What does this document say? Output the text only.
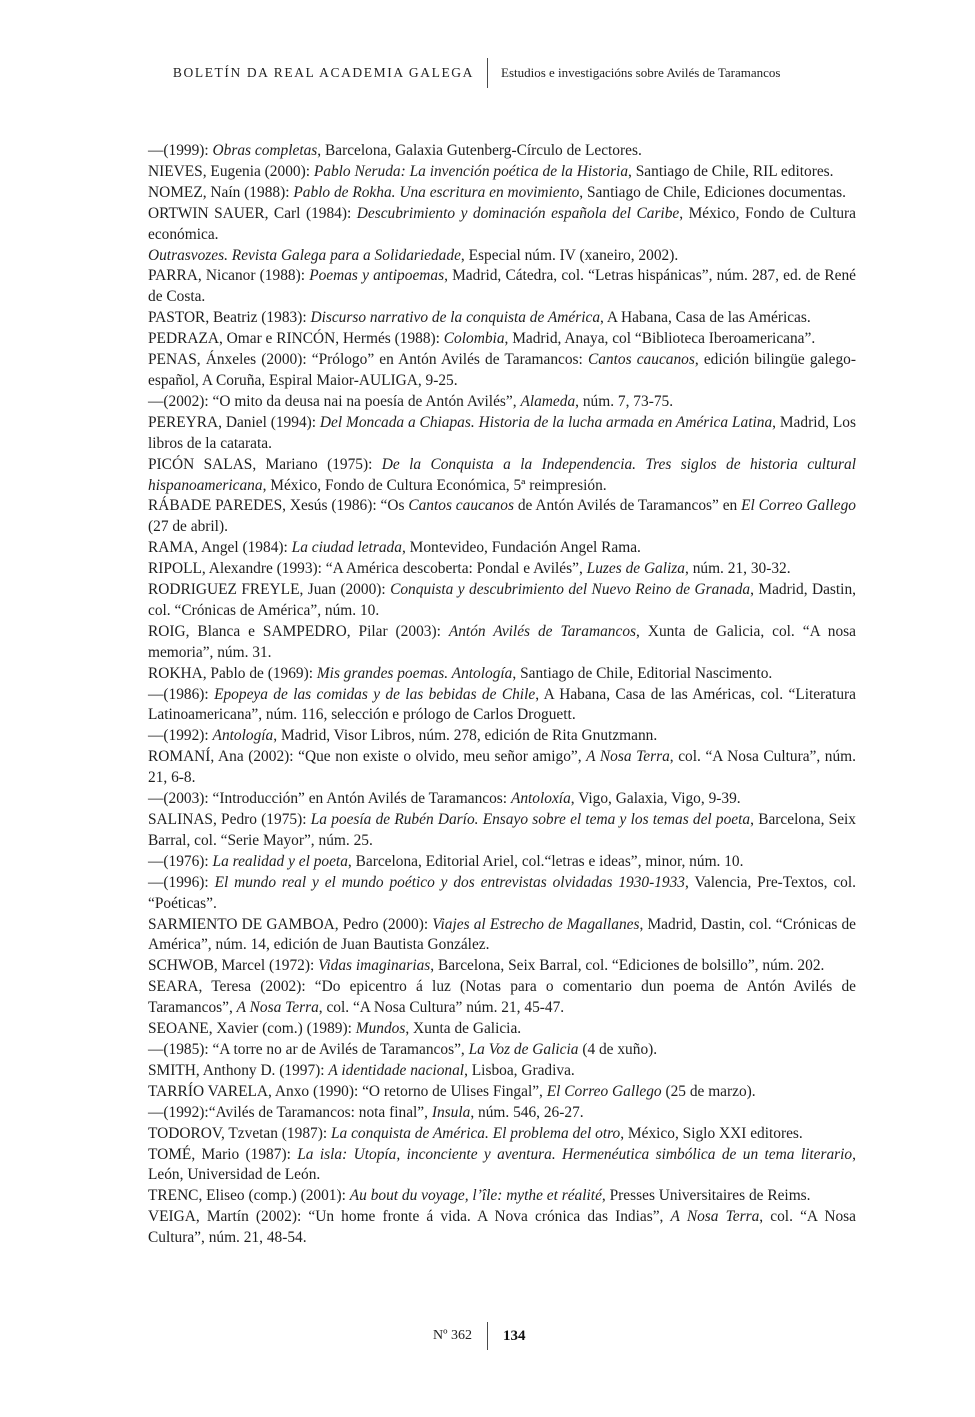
BOLETÍN DA REAL ACADEMIA GALEGA Estudios e investigacións sobre Avilés de Taramancos

—(1999): Obras completas, Barcelona, Galaxia Gutenberg-Círculo de Lectores.

NIEVES, Eugenia (2000): Pablo Neruda: La invención poética de la Historia, Santiago de Chile, RIL editores.

NOMEZ, Naín (1988): Pablo de Rokha. Una escritura en movimiento, Santiago de Chile, Ediciones documentas.

ORTWIN SAUER, Carl (1984): Descubrimiento y dominación española del Caribe, México, Fondo de Cultura económica.

Outrasvozes. Revista Galega para a Solidariedade, Especial núm. IV (xaneiro, 2002).

PARRA, Nicanor (1988): Poemas y antipoemas, Madrid, Cátedra, col. “Letras hispánicas”, núm. 287, ed. de René de Costa.

PASTOR, Beatriz (1983): Discurso narrativo de la conquista de América, A Habana, Casa de las Américas.

PEDRAZA, Omar e RINCÓN, Hermés (1988): Colombia, Madrid, Anaya, col “Biblioteca Iberoamericana”.

PENAS, Ánxeles (2000): “Prólogo” en Antón Avilés de Taramancos: Cantos caucanos, edición bilingüe galego-español, A Coruña, Espiral Maior-AULIGA, 9-25.

—(2002): “O mito da deusa nai na poesía de Antón Avilés”, Alameda, núm. 7, 73-75.

PEREYRA, Daniel (1994): Del Moncada a Chiapas. Historia de la lucha armada en América Latina, Madrid, Los libros de la catarata.

PICÓN SALAS, Mariano (1975): De la Conquista a la Independencia. Tres siglos de historia cultural hispanoamericana, México, Fondo de Cultura Económica, 5ª reimpresión.

RÁBADE PAREDES, Xesús (1986): “Os Cantos caucanos de Antón Avilés de Taramancos” en El Correo Gallego (27 de abril).

RAMA, Angel (1984): La ciudad letrada, Montevideo, Fundación Angel Rama.

RIPOLL, Alexandre (1993): “A América descoberta: Pondal e Avilés”, Luzes de Galiza, núm. 21, 30-32.

RODRIGUEZ FREYLE, Juan (2000): Conquista y descubrimiento del Nuevo Reino de Granada, Madrid, Dastin, col. “Crónicas de América”, núm. 10.

ROIG, Blanca e SAMPEDRO, Pilar (2003): Antón Avilés de Taramancos, Xunta de Galicia, col. “A nosa memoria”, núm. 31.

ROKHA, Pablo de (1969): Mis grandes poemas. Antología, Santiago de Chile, Editorial Nascimento.

—(1986): Epopeya de las comidas y de las bebidas de Chile, A Habana, Casa de las Américas, col. “Literatura Latinoamericana”, núm. 116, selección e prólogo de Carlos Droguett.

—(1992): Antología, Madrid, Visor Libros, núm. 278, edición de Rita Gnutzmann.

ROMANÍ, Ana (2002): “Que non existe o olvido, meu señor amigo”, A Nosa Terra, col. “A Nosa Cultura”, núm. 21, 6-8.

—(2003): “Introducción” en Antón Avilés de Taramancos: Antoloxía, Vigo, Galaxia, Vigo, 9-39.

SALINAS, Pedro (1975): La poesía de Rubén Darío. Ensayo sobre el tema y los temas del poeta, Barcelona, Seix Barral, col. “Serie Mayor”, núm. 25.

—(1976): La realidad y el poeta, Barcelona, Editorial Ariel, col.“letras e ideas”, minor, núm. 10.

—(1996): El mundo real y el mundo poético y dos entrevistas olvidadas 1930-1933, Valencia, Pre-Textos, col. “Poéticas”.

SARMIENTO DE GAMBOA, Pedro (2000): Viajes al Estrecho de Magallanes, Madrid, Dastin, col. “Crónicas de América”, núm. 14, edición de Juan Bautista González.

SCHWOB, Marcel (1972): Vidas imaginarias, Barcelona, Seix Barral, col. “Ediciones de bolsillo”, núm. 202.

SEARA, Teresa (2002): “Do epicentro á luz (Notas para o comentario dun poema de Antón Avilés de Taramancos”, A Nosa Terra, col. “A Nosa Cultura” núm. 21, 45-47.

SEOANE, Xavier (com.) (1989): Mundos, Xunta de Galicia.

—(1985): “A torre no ar de Avilés de Taramancos”, La Voz de Galicia (4 de xuño).

SMITH, Anthony D. (1997): A identidade nacional, Lisboa, Gradiva.

TARRÍO VARELA, Anxo (1990): “O retorno de Ulises Fingal”, El Correo Gallego (25 de marzo).

—(1992):“Avilés de Taramancos: nota final”, Insula, núm. 546, 26-27.

TODOROV, Tzvetan (1987): La conquista de América. El problema del otro, México, Siglo XXI editores.

TOMÉ, Mario (1987): La isla: Utopía, inconciente y aventura. Hermenéutica simbólica de un tema literario, León, Universidad de León.

TRENC, Eliseo (comp.) (2001): Au bout du voyage, l’île: mythe et réalité, Presses Universitaires de Reims.

VEIGA, Martín (2002): “Un home fronte á vida. A Nova crónica das Indias”, A Nosa Terra, col. “A Nosa Cultura”, núm. 21, 48-54.

Nº 362 134
